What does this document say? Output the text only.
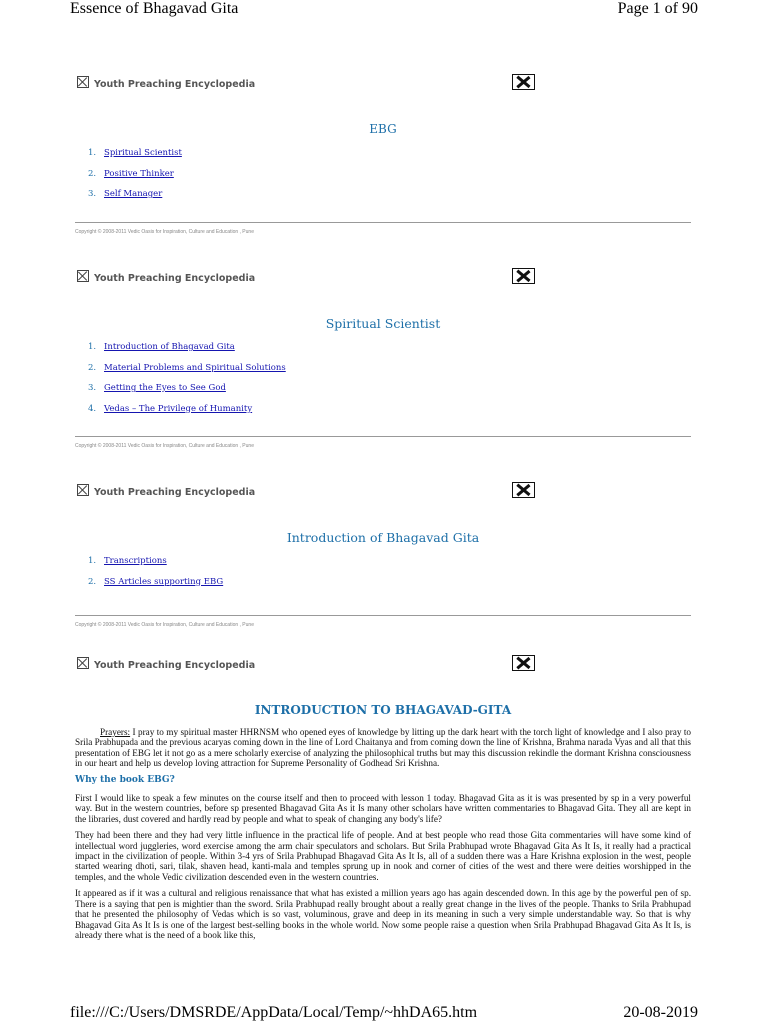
Essence of Bhagavad Gita	Page 1 of 90
Youth Preaching Encyclopedia
EBG
1. Spiritual Scientist
2. Positive Thinker
3. Self Manager
Copyright © 2008-2011 Vedic Oasis for Inspiration, Culture and Education , Pune
Youth Preaching Encyclopedia
Spiritual Scientist
1. Introduction of Bhagavad Gita
2. Material Problems and Spiritual Solutions
3. Getting the Eyes to See God
4. Vedas – The Privilege of Humanity
Copyright © 2008-2011 Vedic Oasis for Inspiration, Culture and Education , Pune
Youth Preaching Encyclopedia
Introduction of Bhagavad Gita
1. Transcriptions
2. SS Articles supporting EBG
Copyright © 2008-2011 Vedic Oasis for Inspiration, Culture and Education , Pune
Youth Preaching Encyclopedia
INTRODUCTION TO BHAGAVAD-GITA

Prayers: I pray to my spiritual master HHRNSM who opened eyes of knowledge by litting up the dark heart with the torch light of knowledge and I also pray to Srila Prabhupada and the previous acaryas coming down in the line of Lord Chaitanya and from coming down the line of Krishna, Brahma narada Vyas and all that this presentation of EBG let it not go as a mere scholarly exercise of analyzing the philosophical truths but may this discussion rekindle the dormant Krishna consciousness in our heart and help us develop loving attraction for Supreme Personality of Godhead Sri Krishna.

Why the book EBG?

First I would like to speak a few minutes on the course itself and then to proceed with lesson 1 today. Bhagavad Gita as it is was presented by sp in a very powerful way. But in the western countries, before sp presented Bhagavad Gita As it Is many other scholars have written commentaries to Bhagavad Gita. They all are kept in the libraries, dust covered and hardly read by people and what to speak of changing any body's life?

They had been there and they had very little influence in the practical life of people. And at best people who read those Gita commentaries will have some kind of intellectual word juggleries, word exercise among the arm chair speculators and scholars. But Srila Prabhupad wrote Bhagavad Gita As It Is, it really had a practical impact in the civilization of people. Within 3-4 yrs of Srila Prabhupad Bhagavad Gita As It Is, all of a sudden there was a Hare Krishna explosion in the west, people started wearing dhoti, sari, tilak, shaven head, kanti-mala and temples sprung up in nook and corner of cities of the west and there were deities worshipped in the temples, and the whole Vedic civilization descended even in the western countries.

It appeared as if it was a cultural and religious renaissance that what has existed a million years ago has again descended down. In this age by the powerful pen of sp. There is a saying that pen is mightier than the sword. Srila Prabhupad really brought about a really great change in the lives of the people. Thanks to Srila Prabhupad that he presented the philosophy of Vedas which is so vast, voluminous, grave and deep in its meaning in such a very simple understandable way. So that is why Bhagavad Gita As It Is is one of the largest best-selling books in the whole world. Now some people raise a question when Srila Prabhupad Bhagavad Gita As It Is, is already there what is the need of a book like this,

file:///C:/Users/DMSRDE/AppData/Local/Temp/~hhDA65.htm	20-08-2019
